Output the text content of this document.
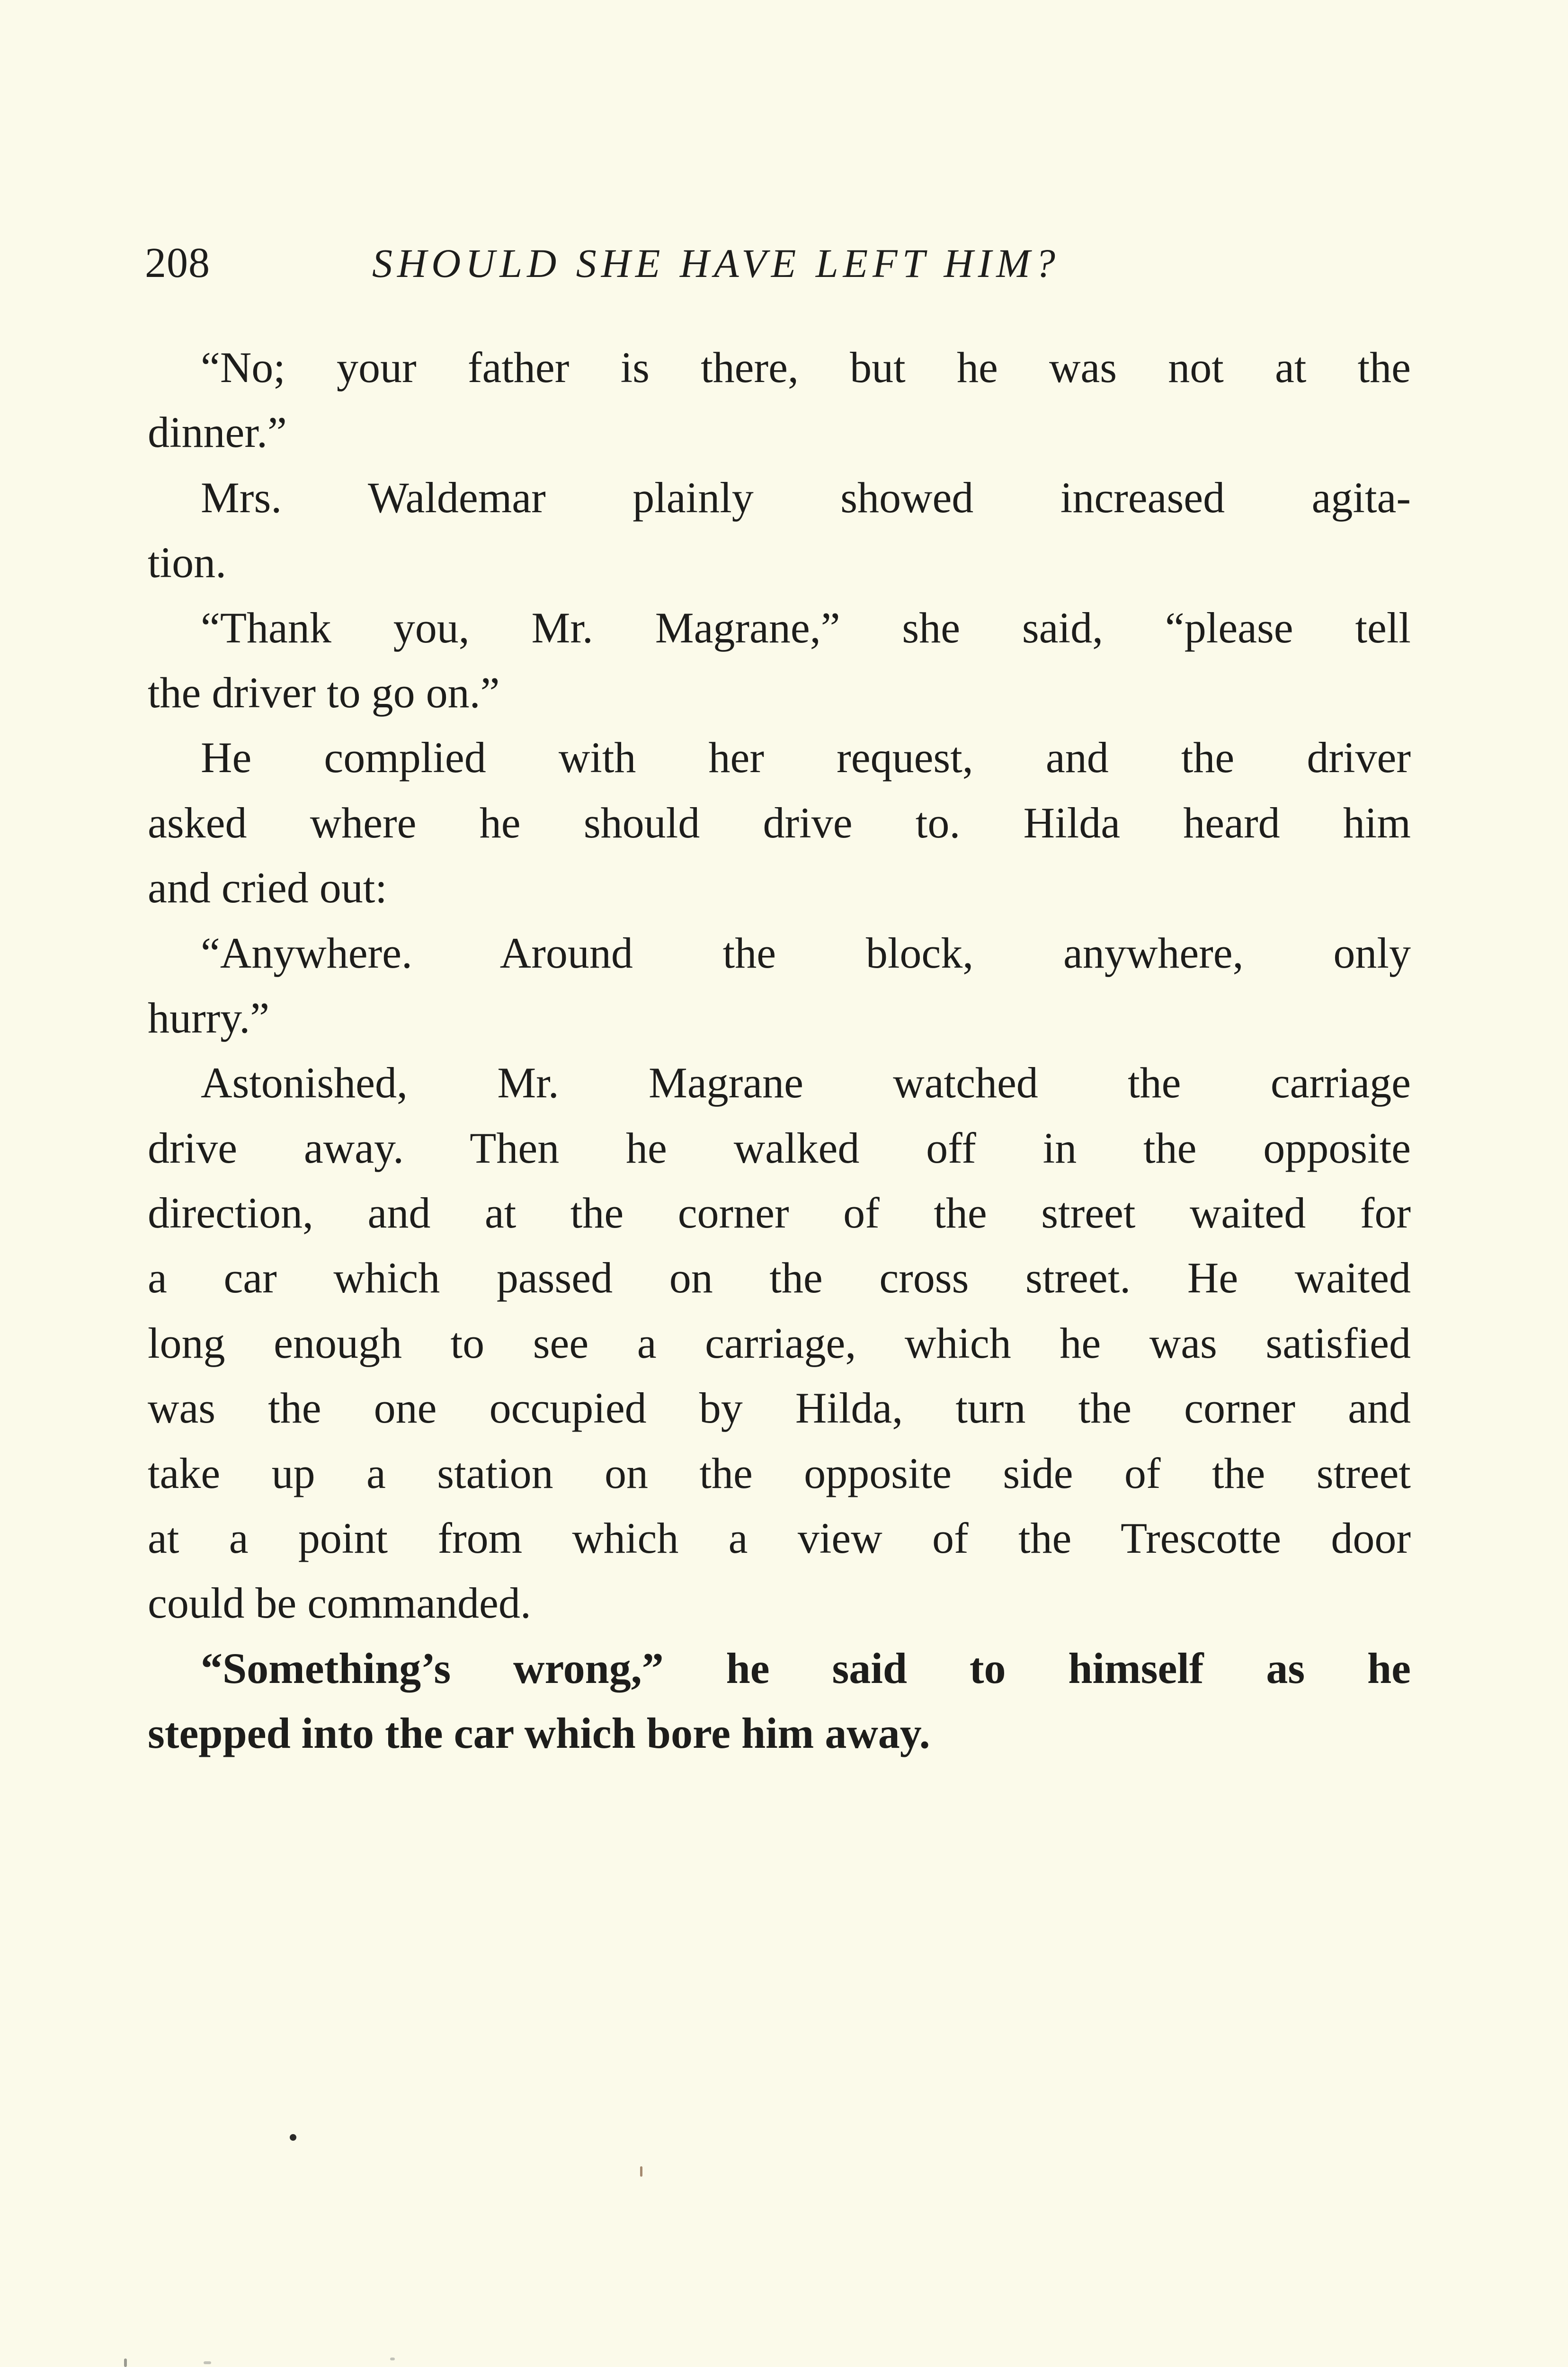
208	SHOULD SHE HAVE LEFT HIM?
“No; your father is there, but he was not at the
dinner.”
Mrs. Waldemar plainly showed increased agita-
tion.
“Thank you, Mr. Magrane,” she said, “please tell
the driver to go on.”
He complied with her request, and the driver
asked where he should drive to. Hilda heard him
and cried out:
“Anywhere. Around the block, anywhere, only
hurry.”
Astonished, Mr. Magrane watched the carriage
drive away. Then he walked off in the opposite
direction, and at the corner of the street waited for
a car which passed on the cross street. He waited
long enough to see a carriage, which he was satisfied
was the one occupied by Hilda, turn the corner and
take up a station on the opposite side of the street
at a point from which a view of the Trescotte door
could be commanded.
“Something’s wrong,” he said to himself as he
stepped into the car which bore him away.
